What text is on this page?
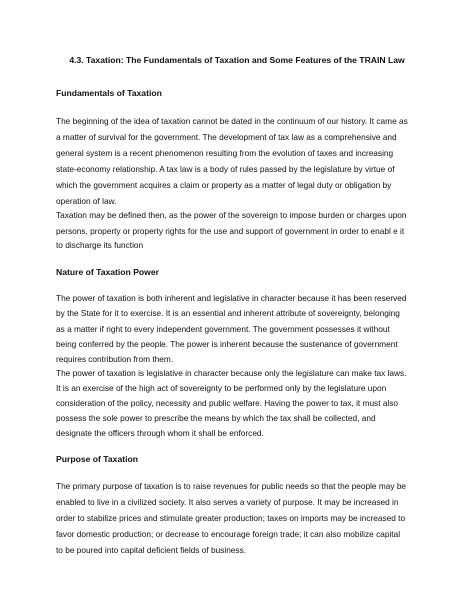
4.3. Taxation: The Fundamentals of Taxation and Some Features of the TRAIN Law
Fundamentals of Taxation
The beginning of the idea of taxation cannot be dated in the continuum of our history. It came as
a matter of survival for the government. The development of tax law as a comprehensive and
general system is a recent phenomenon resulting from the evolution of taxes and increasing
state-economy relationship. A tax law is a body of rules passed by the legislature by virtue of
which the government acquires a claim or property as a matter of legal duty or obligation by
operation of law.
Taxation may be defined then, as the power of the sovereign to impose burden or charges upon
persons, property or property rights for the use and support of government in order to enabl e it
to discharge its function
Nature of Taxation Power
The power of taxation is both inherent and legislative in character because it has been reserved
by the State for it to exercise. It is an essential and inherent attribute of sovereignty, belonging
as a matter if right to every independent government. The government possesses it without
being conferred by the people. The power is inherent because the sustenance of government
requires contribution from them.
The power of taxation is legislative in character because only the legislature can make tax laws.
It is an exercise of the high act of sovereignty to be performed only by the legislature upon
consideration of the policy, necessity and public welfare. Having the power to tax, it must also
possess the sole power to prescribe the means by which the tax shall be collected, and
designate the officers through whom it shall be enforced.
Purpose of Taxation
The primary purpose of taxation is to raise revenues for public needs so that the people may be
enabled to live in a civilized society. It also serves a variety of purpose. It may be increased in
order to stabilize prices and stimulate greater production; taxes on imports may be increased to
favor domestic production; or decrease to encourage foreign trade; it can also mobilize capital
to be poured into capital deficient fields of business.
